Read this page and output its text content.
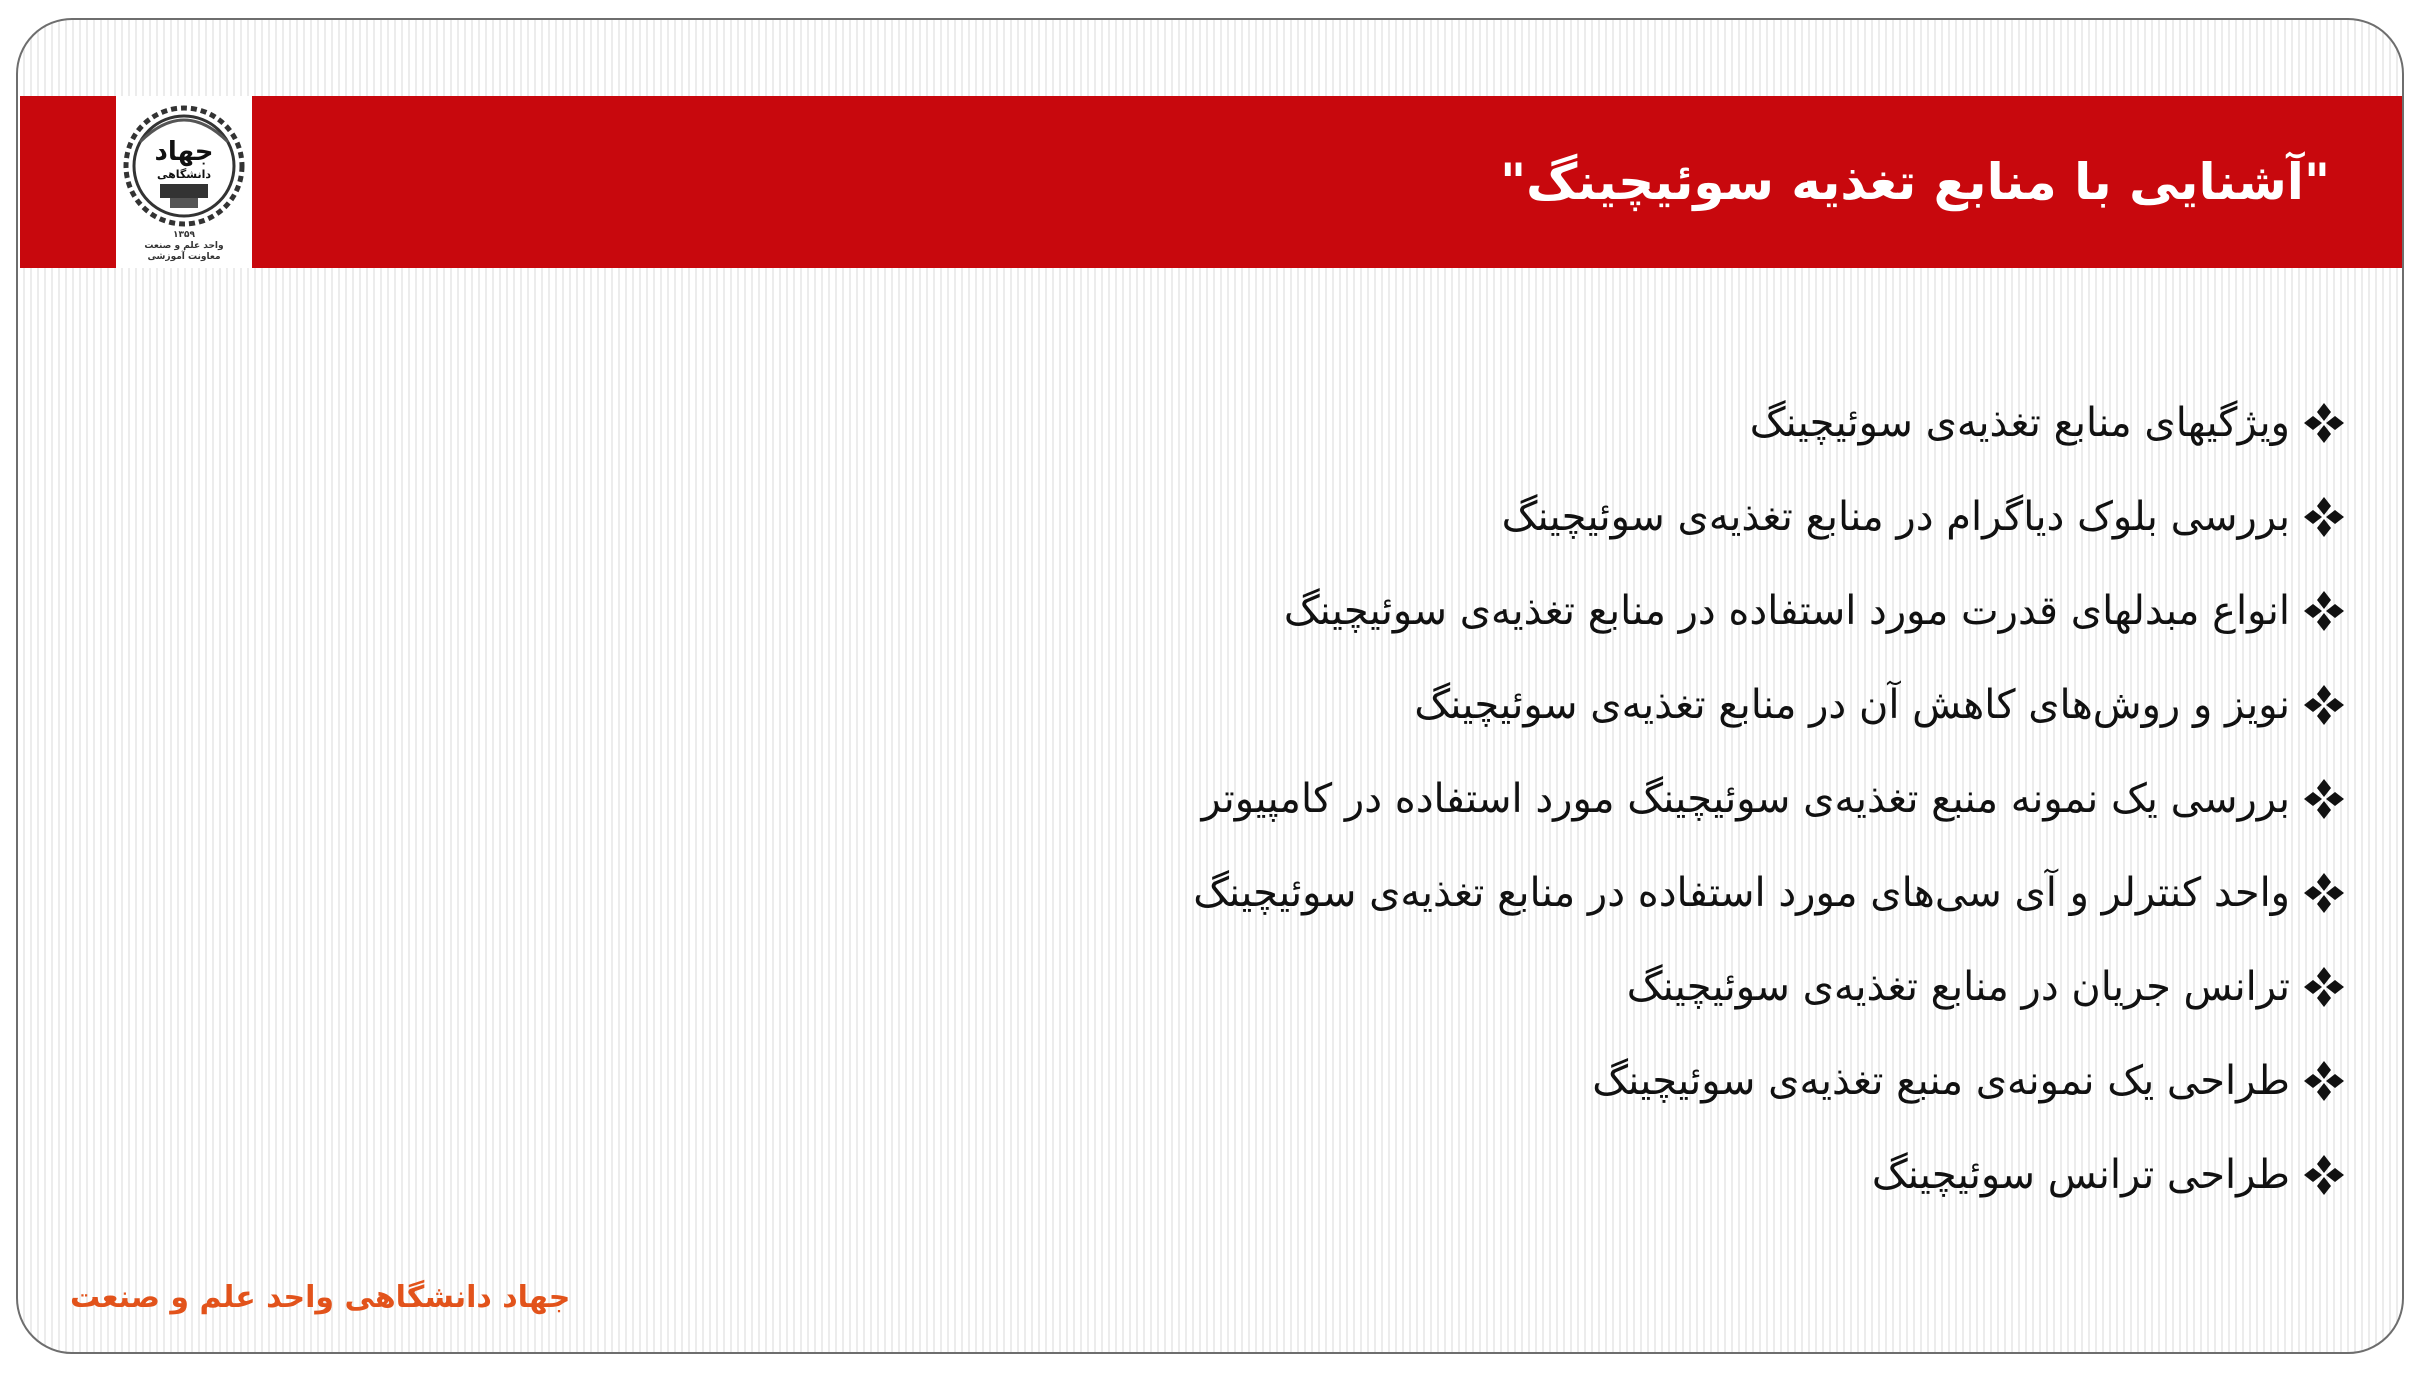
جهاد
دانشگاهی
۱۳۵۹
واحد علم و صنعت
معاونت آموزشی
"آشنایی با منابع تغذیه سوئیچینگ"
ویژگیهای منابع تغذیه‌ی سوئیچینگ
بررسی بلوک دیاگرام در منابع تغذیه‌ی سوئیچینگ
انواع مبدلهای قدرت مورد استفاده در منابع تغذیه‌ی سوئیچینگ
نویز و روش‌های کاهش آن در منابع تغذیه‌ی سوئیچینگ
بررسی یک نمونه منبع تغذیه‌ی سوئیچینگ مورد استفاده در کامپیوتر
واحد کنترلر و آی سی‌های مورد استفاده در منابع تغذیه‌ی سوئیچینگ
ترانس جریان در منابع تغذیه‌ی سوئیچینگ
طراحی یک نمونه‌ی منبع تغذیه‌ی سوئیچینگ
طراحی ترانس سوئیچینگ
جهاد دانشگاهی واحد علم و صنعت
